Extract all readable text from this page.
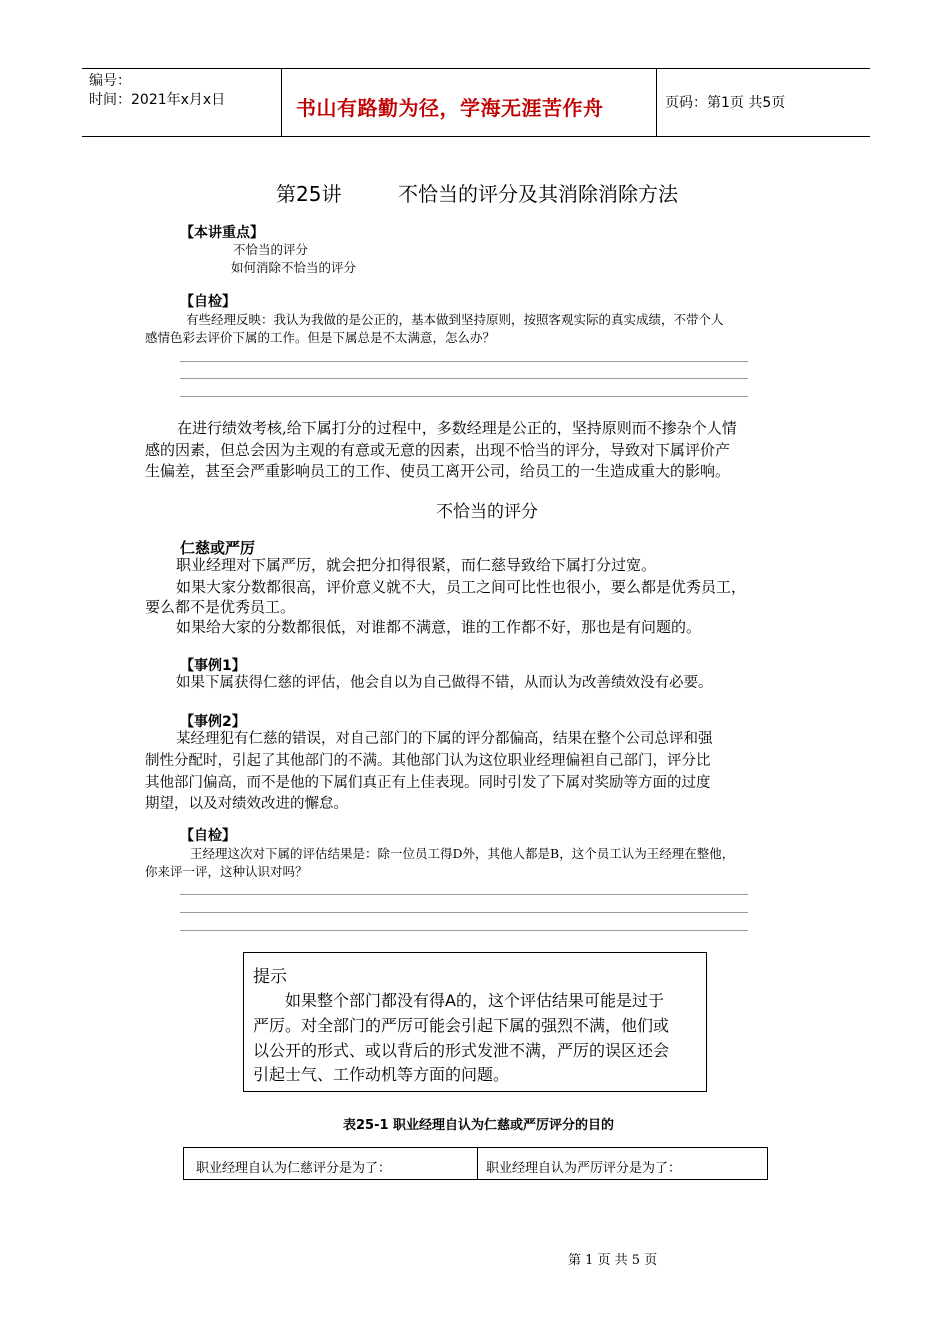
编号：
时间：2021年x月x日	书山有路勤为径，学海无涯苦作舟	页码：第1页 共5页
第25讲	不恰当的评分及其消除消除方法
【本讲重点】
不恰当的评分
如何消除不恰当的评分
【自检】
有些经理反映：我认为我做的是公正的，基本做到坚持原则，按照客观实际的真实成绩，不带个人
感情色彩去评价下属的工作。但是下属总是不太满意，怎么办？
在进行绩效考核,给下属打分的过程中，多数经理是公正的，坚持原则而不掺杂个人情
感的因素，但总会因为主观的有意或无意的因素，出现不恰当的评分，导致对下属评价产
生偏差，甚至会严重影响员工的工作、使员工离开公司，给员工的一生造成重大的影响。
不恰当的评分
仁慈或严厉
职业经理对下属严厉，就会把分扣得很紧，而仁慈导致给下属打分过宽。
如果大家分数都很高，评价意义就不大，员工之间可比性也很小，要么都是优秀员工，
要么都不是优秀员工。
如果给大家的分数都很低，对谁都不满意，谁的工作都不好，那也是有问题的。
【事例1】
如果下属获得仁慈的评估，他会自以为自己做得不错，从而认为改善绩效没有必要。
【事例2】
某经理犯有仁慈的错误，对自己部门的下属的评分都偏高，结果在整个公司总评和强
制性分配时，引起了其他部门的不满。其他部门认为这位职业经理偏袒自己部门，评分比
其他部门偏高，而不是他的下属们真正有上佳表现。同时引发了下属对奖励等方面的过度
期望，以及对绩效改进的懈怠。
【自检】
王经理这次对下属的评估结果是：除一位员工得D外，其他人都是B，这个员工认为王经理在整他，
你来评一评，这种认识对吗？
提示
如果整个部门都没有得A的，这个评估结果可能是过于
严厉。对全部门的严厉可能会引起下属的强烈不满，他们或
以公开的形式、或以背后的形式发泄不满，严厉的误区还会
引起士气、工作动机等方面的问题。
表25-1 职业经理自认为仁慈或严厉评分的目的
职业经理自认为仁慈评分是为了：	职业经理自认为严厉评分是为了：
第 1 页 共 5 页
